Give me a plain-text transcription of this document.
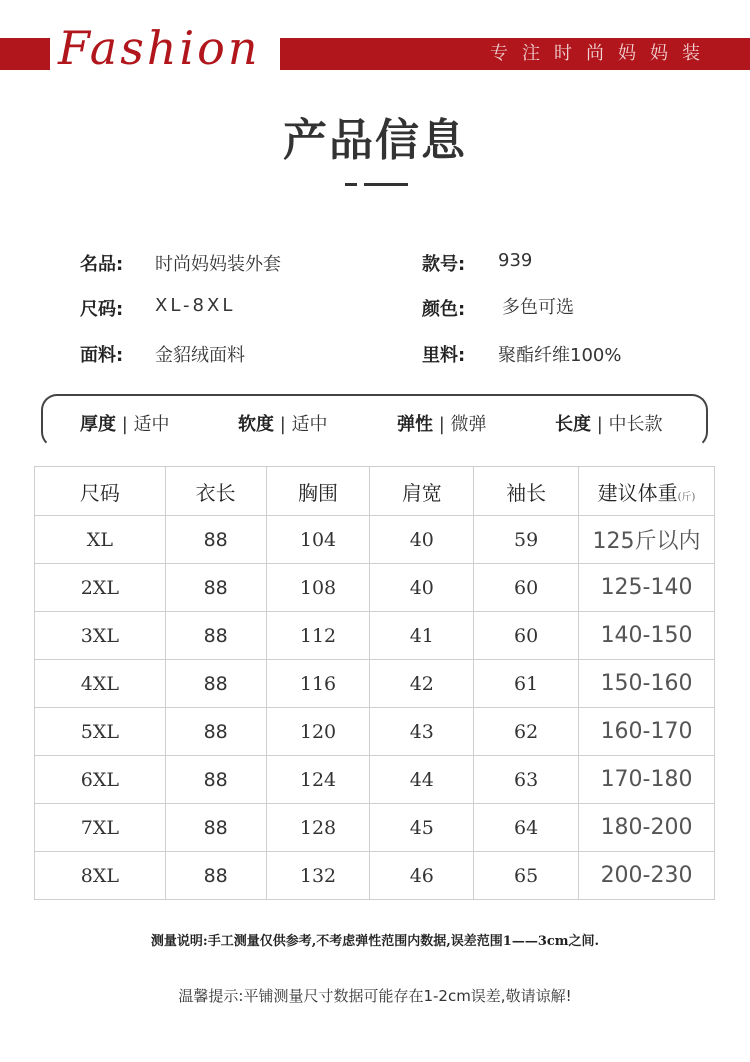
Fashion	专注时尚妈妈装
产品信息
名品: 时尚妈妈装外套	款号: 939
尺码: XL-8XL	颜色: 多色可选
面料: 金貂绒面料	里料: 聚酯纤维100%
厚度 | 适中	软度 | 适中	弹性 | 微弹	长度 | 中长款
尺码	衣长	胸围	肩宽	袖长	建议体重(斤)
XL	88	104	40	59	125斤以内
2XL	88	108	40	60	125-140
3XL	88	112	41	60	140-150
4XL	88	116	42	61	150-160
5XL	88	120	43	62	160-170
6XL	88	124	44	63	170-180
7XL	88	128	45	64	180-200
8XL	88	132	46	65	200-230
测量说明:手工测量仅供参考,不考虑弹性范围内数据,误差范围1——3cm之间.
温馨提示:平铺测量尺寸数据可能存在1-2cm误差,敬请谅解!
